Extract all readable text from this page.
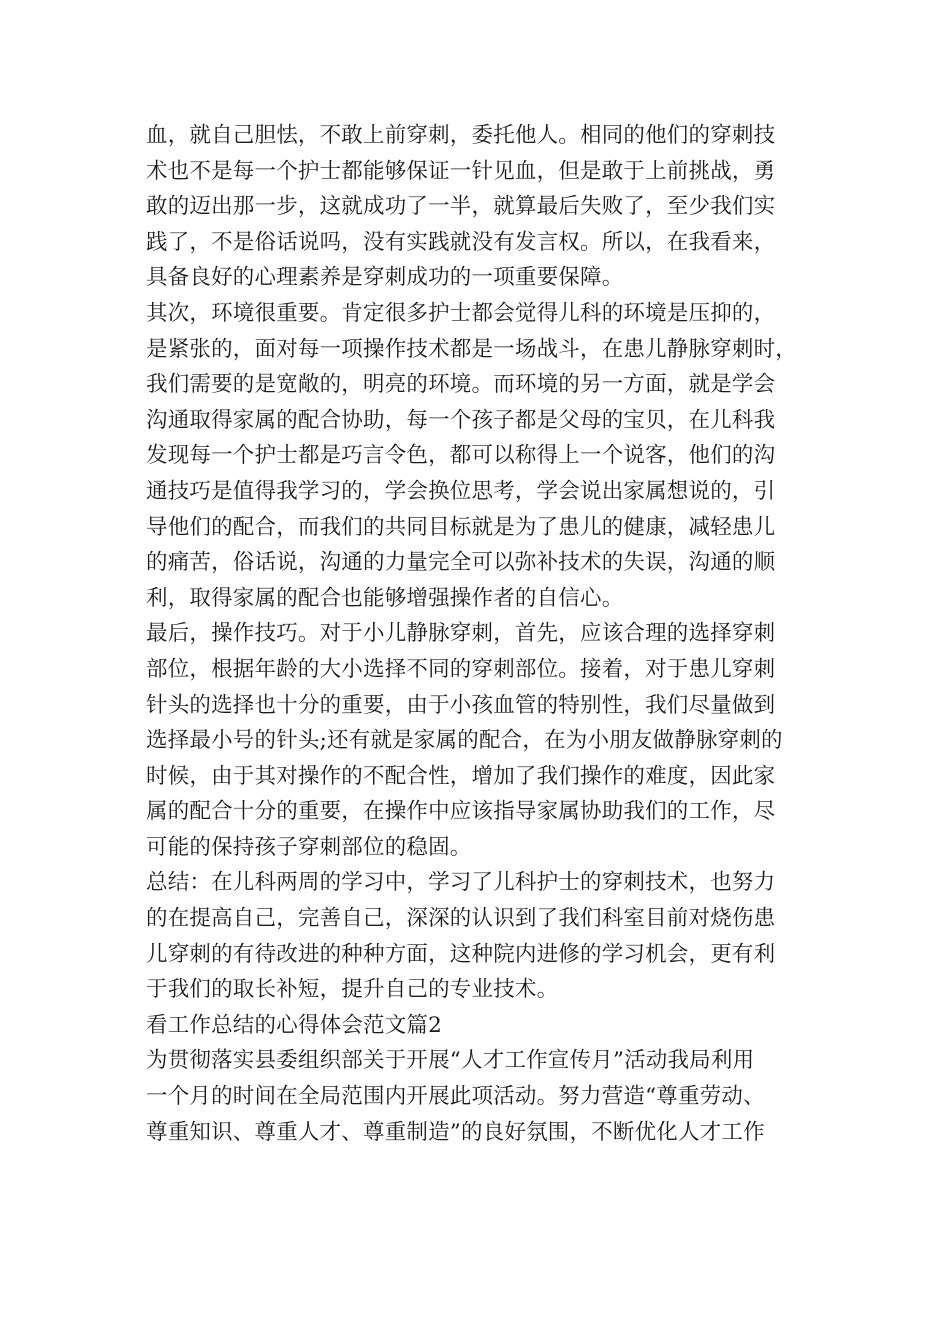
血，就自己胆怯，不敢上前穿刺，委托他人。相同的他们的穿刺技
术也不是每一个护士都能够保证一针见血，但是敢于上前挑战，勇
敢的迈出那一步，这就成功了一半，就算最后失败了，至少我们实
践了，不是俗话说吗，没有实践就没有发言权。所以，在我看来，
具备良好的心理素养是穿刺成功的一项重要保障。
其次，环境很重要。肯定很多护士都会觉得儿科的环境是压抑的，
是紧张的，面对每一项操作技术都是一场战斗，在患儿静脉穿刺时，
我们需要的是宽敞的，明亮的环境。而环境的另一方面，就是学会
沟通取得家属的配合协助，每一个孩子都是父母的宝贝，在儿科我
发现每一个护士都是巧言令色，都可以称得上一个说客，他们的沟
通技巧是值得我学习的，学会换位思考，学会说出家属想说的，引
导他们的配合，而我们的共同目标就是为了患儿的健康，减轻患儿
的痛苦，俗话说，沟通的力量完全可以弥补技术的失误，沟通的顺
利，取得家属的配合也能够增强操作者的自信心。
最后，操作技巧。对于小儿静脉穿刺，首先，应该合理的选择穿刺
部位，根据年龄的大小选择不同的穿刺部位。接着，对于患儿穿刺
针头的选择也十分的重要，由于小孩血管的特别性，我们尽量做到
选择最小号的针头;还有就是家属的配合，在为小朋友做静脉穿刺的
时候，由于其对操作的不配合性，增加了我们操作的难度，因此家
属的配合十分的重要，在操作中应该指导家属协助我们的工作，尽
可能的保持孩子穿刺部位的稳固。
总结：在儿科两周的学习中，学习了儿科护士的穿刺技术，也努力
的在提高自己，完善自己，深深的认识到了我们科室目前对烧伤患
儿穿刺的有待改进的种种方面，这种院内进修的学习机会，更有利
于我们的取长补短，提升自己的专业技术。
看工作总结的心得体会范文篇2
为贯彻落实县委组织部关于开展“人才工作宣传月”活动我局利用
一个月的时间在全局范围内开展此项活动。努力营造“尊重劳动、
尊重知识、尊重人才、尊重制造”的良好氛围，不断优化人才工作
